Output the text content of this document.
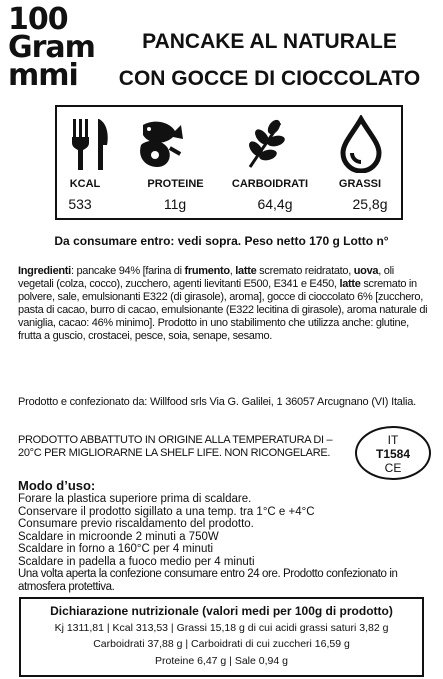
100
Gram
mmi
PANCAKE AL NATURALE
CON GOCCE DI CIOCCOLATO
KCAL	PROTEINE	CARBOIDRATI	GRASSI
533	11g	64,4g	25,8g
Da consumare entro: vedi sopra. Peso netto 170 g Lotto n°
Ingredienti: pancake 94% [farina di frumento, latte scremato reidratato, uova, oli vegetali (colza, cocco), zucchero, agenti lievitanti E500, E341 e E450, latte scremato in polvere, sale, emulsionanti E322 (di girasole), aroma], gocce di cioccolato 6% [zucchero, pasta di cacao, burro di cacao, emulsionante (E322 lecitina di girasole), aroma naturale di vaniglia, cacao: 46% minimo]. Prodotto in uno stabilimento che utilizza anche: glutine, frutta a guscio, crostacei, pesce, soia, senape, sesamo.
Prodotto e confezionato da: Willfood srls Via G. Galilei, 1 36057 Arcugnano (VI) Italia.
PRODOTTO ABBATTUTO IN ORIGINE ALLA TEMPERATURA DI –20°C PER MIGLIORARNE LA SHELF LIFE. NON RICONGELARE.
IT
T1584
CE
Modo d’uso:
Forare la plastica superiore prima di scaldare.
Conservare il prodotto sigillato a una temp. tra 1°C e +4°C
Consumare previo riscaldamento del prodotto.
Scaldare in microonde 2 minuti a 750W
Scaldare in forno a 160°C per 4 minuti
Scaldare in padella a fuoco medio per 4 minuti
Una volta aperta la confezione consumare entro 24 ore. Prodotto confezionato in atmosfera protettiva.
Dichiarazione nutrizionale (valori medi per 100g di prodotto)
Kj 1311,81 | Kcal 313,53 | Grassi 15,18 g di cui acidi grassi saturi 3,82 g
Carboidrati 37,88 g | Carboidrati di cui zuccheri 16,59 g
Proteine 6,47 g | Sale 0,94 g
